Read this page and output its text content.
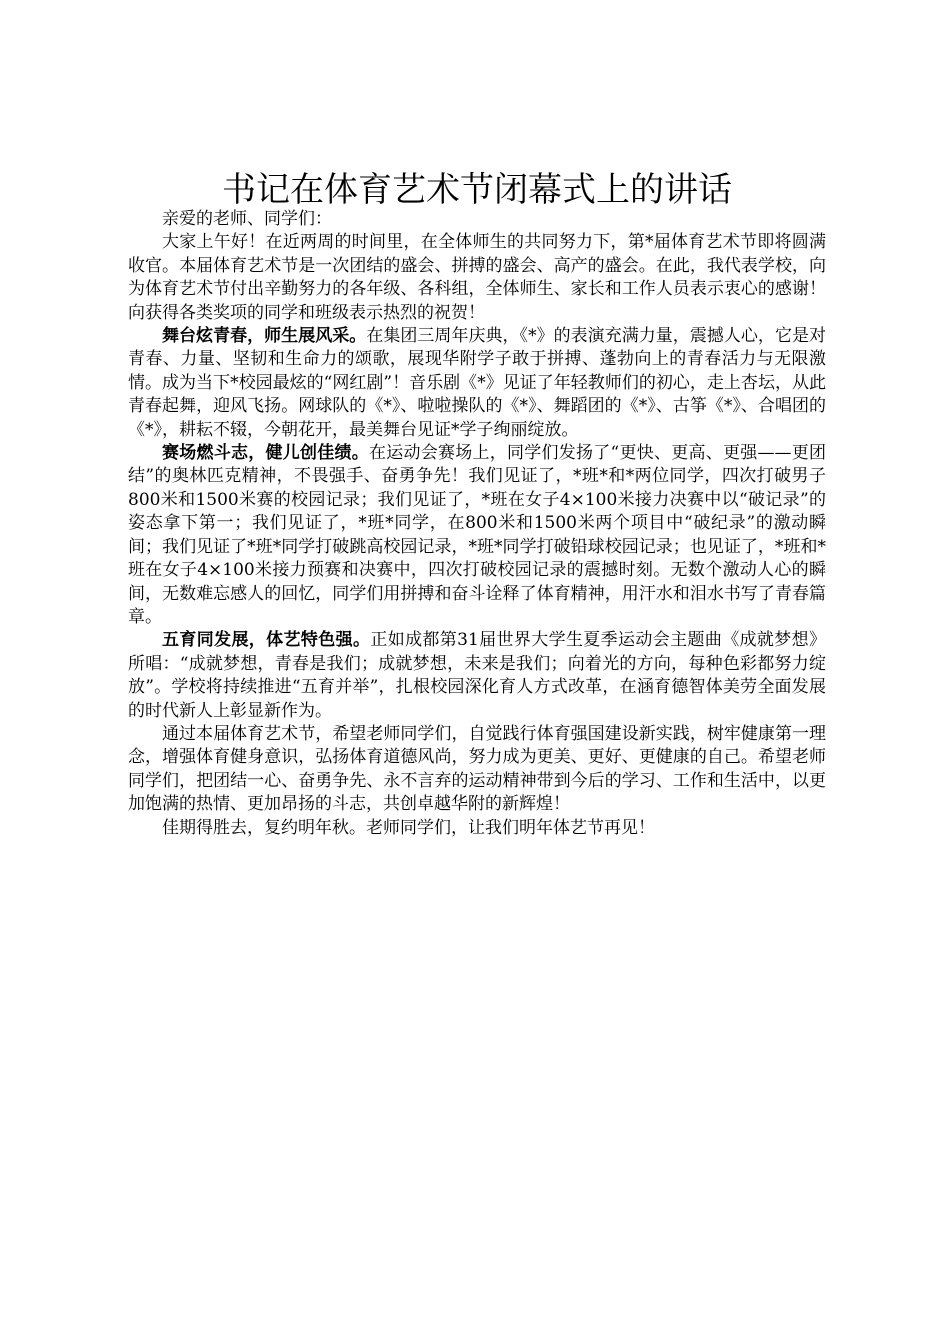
书记在体育艺术节闭幕式上的讲话

亲爱的老师、同学们：

大家上午好！在近两周的时间里，在全体师生的共同努力下，第*届体育艺术节即将圆满收官。本届体育艺术节是一次团结的盛会、拼搏的盛会、高产的盛会。在此，我代表学校，向为体育艺术节付出辛勤努力的各年级、各科组，全体师生、家长和工作人员表示衷心的感谢！向获得各类奖项的同学和班级表示热烈的祝贺！

舞台炫青春，师生展风采。在集团三周年庆典，《*》的表演充满力量，震撼人心，它是对青春、力量、坚韧和生命力的颂歌，展现华附学子敢于拼搏、蓬勃向上的青春活力与无限激情。成为当下*校园最炫的“网红剧”！音乐剧《*》见证了年轻教师们的初心，走上杏坛，从此青春起舞，迎风飞扬。网球队的《*》、啦啦操队的《*》、舞蹈团的《*》、古筝《*》、合唱团的《*》，耕耘不辍，今朝花开，最美舞台见证*学子绚丽绽放。

赛场燃斗志，健儿创佳绩。在运动会赛场上，同学们发扬了“更快、更高、更强——更团结”的奥林匹克精神，不畏强手、奋勇争先！我们见证了，*班*和*两位同学，四次打破男子800米和1500米赛的校园记录；我们见证了，*班在女子4×100米接力决赛中以“破记录”的姿态拿下第一；我们见证了，*班*同学，在800米和1500米两个项目中“破纪录”的激动瞬间；我们见证了*班*同学打破跳高校园记录，*班*同学打破铅球校园记录；也见证了，*班和*班在女子4×100米接力预赛和决赛中，四次打破校园记录的震撼时刻。无数个激动人心的瞬间，无数难忘感人的回忆，同学们用拼搏和奋斗诠释了体育精神，用汗水和泪水书写了青春篇章。

五育同发展，体艺特色强。正如成都第31届世界大学生夏季运动会主题曲《成就梦想》所唱：“成就梦想，青春是我们；成就梦想，未来是我们；向着光的方向，每种色彩都努力绽放”。学校将持续推进“五育并举”，扎根校园深化育人方式改革，在涵育德智体美劳全面发展的时代新人上彰显新作为。

通过本届体育艺术节，希望老师同学们，自觉践行体育强国建设新实践，树牢健康第一理念，增强体育健身意识，弘扬体育道德风尚，努力成为更美、更好、更健康的自己。希望老师同学们，把团结一心、奋勇争先、永不言弃的运动精神带到今后的学习、工作和生活中，以更加饱满的热情、更加昂扬的斗志，共创卓越华附的新辉煌！

佳期得胜去，复约明年秋。老师同学们，让我们明年体艺节再见！
